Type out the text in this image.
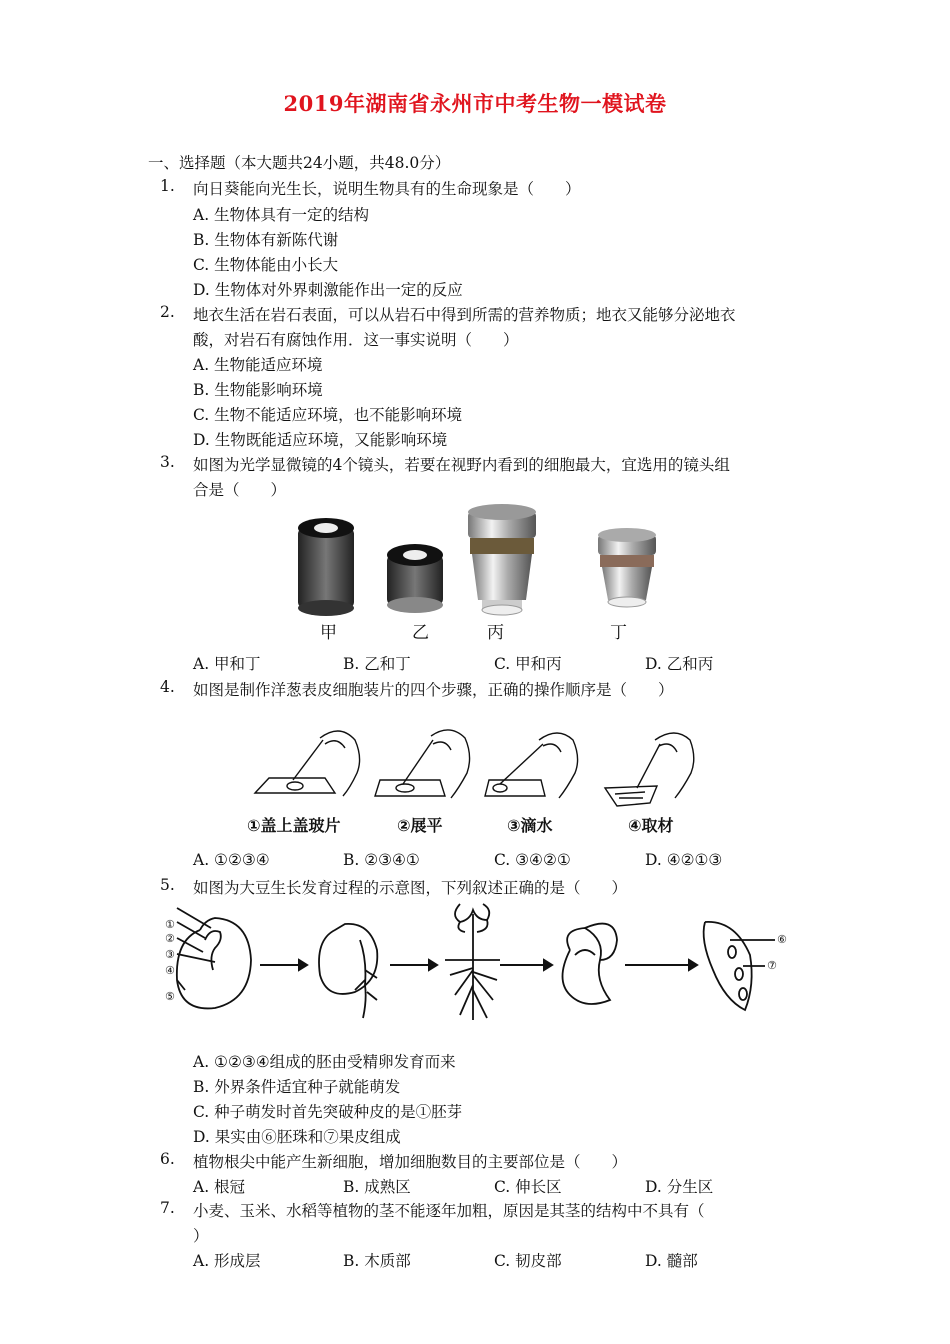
2019年湖南省永州市中考生物一模试卷
一、选择题（本大题共24小题，共48.0分）
1. 向日葵能向光生长，说明生物具有的生命现象是（　　）
A. 生物体具有一定的结构
B. 生物体有新陈代谢
C. 生物体能由小长大
D. 生物体对外界刺激能作出一定的反应
2. 地衣生活在岩石表面，可以从岩石中得到所需的营养物质；地衣又能够分泌地衣
酸，对岩石有腐蚀作用．这一事实说明（　　）
A. 生物能适应环境
B. 生物能影响环境
C. 生物不能适应环境，也不能影响环境
D. 生物既能适应环境，又能影响环境
3. 如图为光学显微镜的4个镜头，若要在视野内看到的细胞最大，宜选用的镜头组
合是（　　）
甲	乙	丙	丁
A. 甲和丁	B. 乙和丁	C. 甲和丙	D. 乙和丙
4. 如图是制作洋葱表皮细胞装片的四个步骤，正确的操作顺序是（　　）
①盖上盖玻片	②展平	③滴水	④取材
A. ①②③④	B. ②③④①	C. ③④②①	D. ④②①③
5. 如图为大豆生长发育过程的示意图，下列叙述正确的是（　　）
①
②
③
④
⑤
⑥
⑦
A. ①②③④组成的胚由受精卵发育而来
B. 外界条件适宜种子就能萌发
C. 种子萌发时首先突破种皮的是①胚芽
D. 果实由⑥胚珠和⑦果皮组成
6. 植物根尖中能产生新细胞，增加细胞数目的主要部位是（　　）
A. 根冠	B. 成熟区	C. 伸长区	D. 分生区
7. 小麦、玉米、水稻等植物的茎不能逐年加粗，原因是其茎的结构中不具有（
）
A. 形成层	B. 木质部	C. 韧皮部	D. 髓部
